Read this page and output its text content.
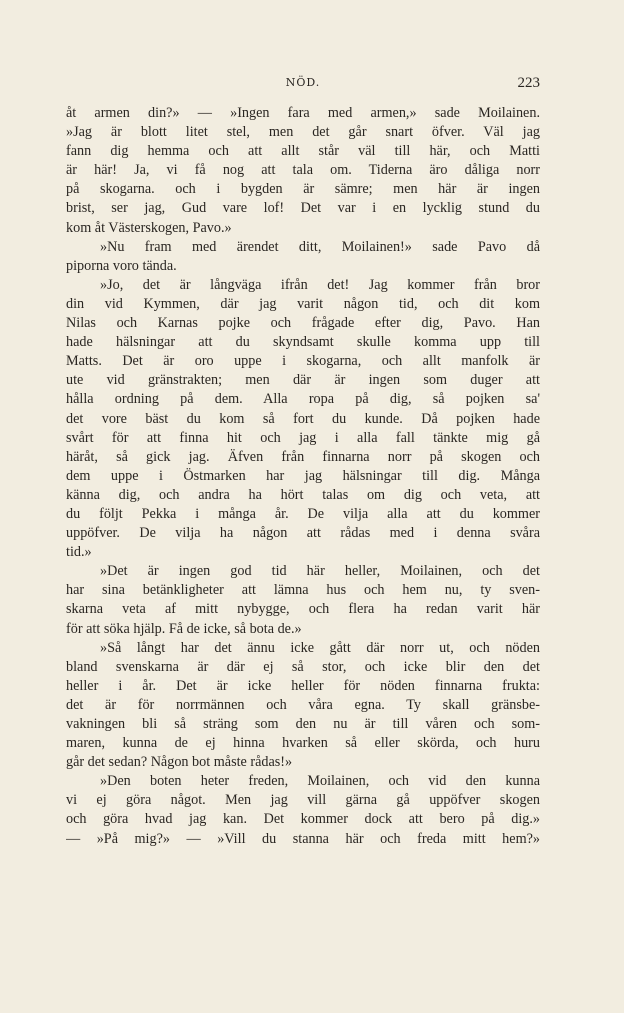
NÖD.	223
åt armen din?» — »Ingen fara med armen,» sade Moilainen.
»Jag är blott litet stel, men det går snart öfver. Väl jag
fann dig hemma och att allt står väl till här, och Matti
är här! Ja, vi få nog att tala om. Tiderna äro dåliga norr
på skogarna. och i bygden är sämre; men här är ingen
brist, ser jag, Gud vare lof! Det var i en lycklig stund du
kom åt Västerskogen, Pavo.»
»Nu fram med ärendet ditt, Moilainen!» sade Pavo då
piporna voro tända.
»Jo, det är långväga ifrån det! Jag kommer från bror
din vid Kymmen, där jag varit någon tid, och dit kom
Nilas och Karnas pojke och frågade efter dig, Pavo. Han
hade hälsningar att du skyndsamt skulle komma upp till
Matts. Det är oro uppe i skogarna, och allt manfolk är
ute vid gränstrakten; men där är ingen som duger att
hålla ordning på dem. Alla ropa på dig, så pojken sa'
det vore bäst du kom så fort du kunde. Då pojken hade
svårt för att finna hit och jag i alla fall tänkte mig gå
häråt, så gick jag. Äfven från finnarna norr på skogen och
dem uppe i Östmarken har jag hälsningar till dig. Många
känna dig, och andra ha hört talas om dig och veta, att
du följt Pekka i många år. De vilja alla att du kommer
uppöfver. De vilja ha någon att rådas med i denna svåra
tid.»
»Det är ingen god tid här heller, Moilainen, och det
har sina betänkligheter att lämna hus och hem nu, ty sven-
skarna veta af mitt nybygge, och flera ha redan varit här
för att söka hjälp. Få de icke, så bota de.»
»Så långt har det ännu icke gått där norr ut, och nöden
bland svenskarna är där ej så stor, och icke blir den det
heller i år. Det är icke heller för nöden finnarna frukta:
det är för norrmännen och våra egna. Ty skall gränsbe-
vakningen bli så sträng som den nu är till våren och som-
maren, kunna de ej hinna hvarken så eller skörda, och huru
går det sedan? Någon bot måste rådas!»
»Den boten heter freden, Moilainen, och vid den kunna
vi ej göra något. Men jag vill gärna gå uppöfver skogen
och göra hvad jag kan. Det kommer dock att bero på dig.»
— »På mig?» — »Vill du stanna här och freda mitt hem?»
